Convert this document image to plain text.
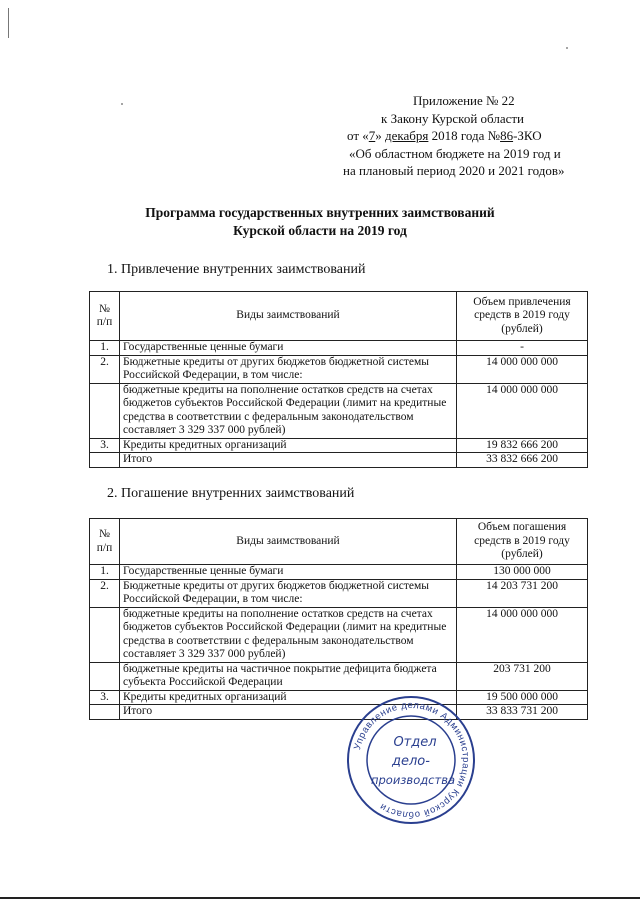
Приложение № 22
к Закону Курской области
от «7» декабря 2018 года №86-ЗКО
«Об областном бюджете на 2019 год и
на плановый период 2020 и 2021 годов»
Программа государственных внутренних заимствований
Курской области на 2019 год
1. Привлечение внутренних заимствований
№ п/п	Виды заимствований	Объем привлечения средств в 2019 году (рублей)
1.	Государственные ценные бумаги	-
2.	Бюджетные кредиты от других бюджетов бюджетной системы Российской Федерации, в том числе:	14 000 000 000
	бюджетные кредиты на пополнение остатков средств на счетах бюджетов субъектов Российской Федерации (лимит на кредитные средства в соответствии с федеральным законодательством составляет 3 329 337 000 рублей)	14 000 000 000
3.	Кредиты кредитных организаций	19 832 666 200
	Итого	33 832 666 200
2. Погашение внутренних заимствований
№ п/п	Виды заимствований	Объем погашения средств в 2019 году (рублей)
1.	Государственные ценные бумаги	130 000 000
2.	Бюджетные кредиты от других бюджетов бюджетной системы Российской Федерации, в том числе:	14 203 731 200
	бюджетные кредиты на пополнение остатков средств на счетах бюджетов субъектов Российской Федерации (лимит на кредитные средства в соответствии с федеральным законодательством составляет 3 329 337 000 рублей)	14 000 000 000
	бюджетные кредиты на частичное покрытие дефицита бюджета субъекта Российской Федерации	203 731 200
3.	Кредиты кредитных организаций	19 500 000 000
	Итого	33 833 731 200
Управление делами Администрации Курской области
Отдел
дело-
производства
